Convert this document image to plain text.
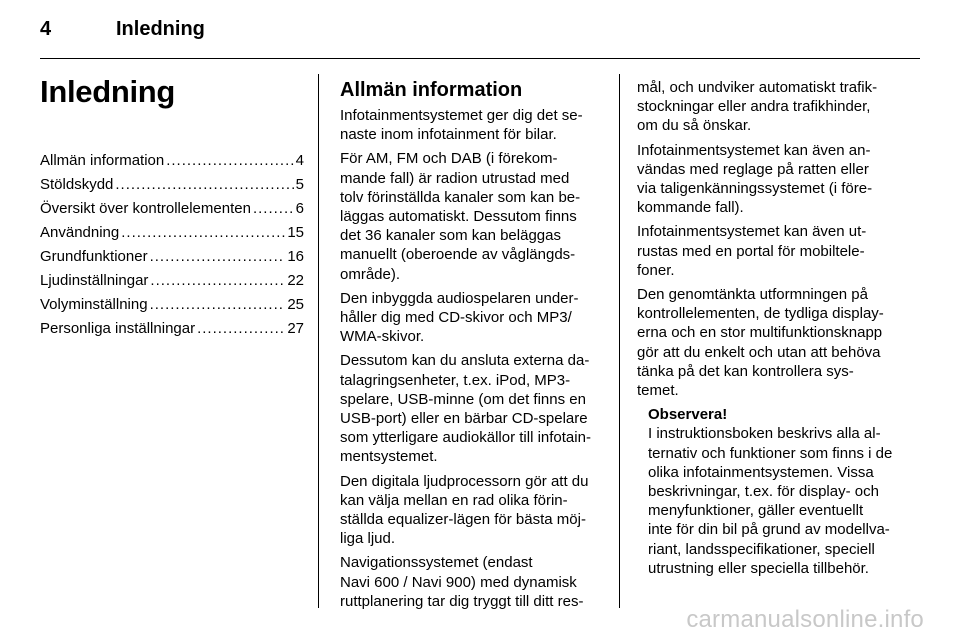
4	Inledning
Inledning
Allmän information .....	4
Stöldskydd .....	5
Översikt över kontrollelementen .....	6
Användning .....	15
Grundfunktioner .....	16
Ljudinställningar .....	22
Volyminställning .....	25
Personliga inställningar .....	27
Allmän information

Infotainmentsystemet ger dig det se-
naste inom infotainment för bilar.

För AM, FM och DAB (i förekom-
mande fall) är radion utrustad med
tolv förinställda kanaler som kan be-
läggas automatiskt. Dessutom finns
det 36 kanaler som kan beläggas
manuellt (oberoende av våglängds-
område).

Den inbyggda audiospelaren under-
håller dig med CD-skivor och MP3/
WMA-skivor.

Dessutom kan du ansluta externa da-
talagringsenheter, t.ex. iPod, MP3-
spelare, USB-minne (om det finns en
USB-port) eller en bärbar CD-spelare
som ytterligare audiokällor till infotain-
mentsystemet.

Den digitala ljudprocessorn gör att du
kan välja mellan en rad olika förin-
ställda equalizer-lägen för bästa möj-
liga ljud.

Navigationssystemet (endast
Navi 600 / Navi 900) med dynamisk
ruttplanering tar dig tryggt till ditt res-

mål, och undviker automatiskt trafik-
stockningar eller andra trafikhinder,
om du så önskar.

Infotainmentsystemet kan även an-
vändas med reglage på ratten eller
via taligenkänningssystemet (i före-
kommande fall).

Infotainmentsystemet kan även ut-
rustas med en portal för mobiltele-
foner.

Den genomtänkta utformningen på
kontrollelementen, de tydliga display-
erna och en stor multifunktionsknapp
gör att du enkelt och utan att behöva
tänka på det kan kontrollera sys-
temet.

Observera!
I instruktionsboken beskrivs alla al-
ternativ och funktioner som finns i de
olika infotainmentsystemen. Vissa
beskrivningar, t.ex. för display- och
menyfunktioner, gäller eventuellt
inte för din bil på grund av modellva-
riant, landsspecifikationer, speciell
utrustning eller speciella tillbehör.
carmanualsonline.info
